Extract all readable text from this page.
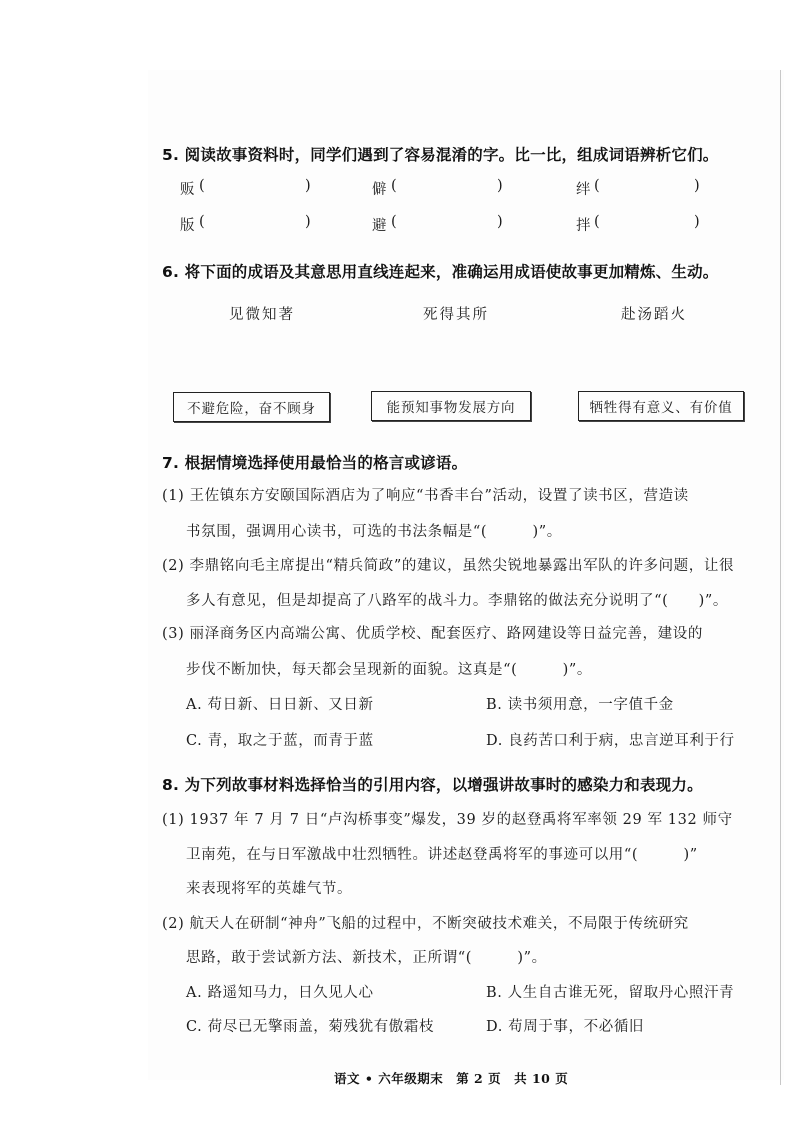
5. 阅读故事资料时，同学们遇到了容易混淆的字。比一比，组成词语辨析它们。
贩 (	)	僻 (	)	绊 (	)
版 (	)	避 (	)	拌 (	)
6. 将下面的成语及其意思用直线连起来，准确运用成语使故事更加精炼、生动。
见微知著	死得其所	赴汤蹈火
不避危险，奋不顾身	能预知事物发展方向	牺牲得有意义、有价值
7. 根据情境选择使用最恰当的格言或谚语。
(1) 王佐镇东方安颐国际酒店为了响应“书香丰台”活动，设置了读书区，营造读
书氛围，强调用心读书，可选的书法条幅是“(　　　)”。
(2) 李鼎铭向毛主席提出“精兵简政”的建议，虽然尖锐地暴露出军队的许多问题，让很
多人有意见，但是却提高了八路军的战斗力。李鼎铭的做法充分说明了“(　　)”。
(3) 丽泽商务区内高端公寓、优质学校、配套医疗、路网建设等日益完善，建设的
步伐不断加快，每天都会呈现新的面貌。这真是“(　　　)”。
A. 苟日新、日日新、又日新	B. 读书须用意，一字值千金
C. 青，取之于蓝，而青于蓝	D. 良药苦口利于病，忠言逆耳利于行
8. 为下列故事材料选择恰当的引用内容，以增强讲故事时的感染力和表现力。
(1) 1937 年 7 月 7 日“卢沟桥事变”爆发，39 岁的赵登禹将军率领 29 军 132 师守
卫南苑，在与日军激战中壮烈牺牲。讲述赵登禹将军的事迹可以用“(　　　)”
来表现将军的英雄气节。
(2) 航天人在研制“神舟”飞船的过程中，不断突破技术难关，不局限于传统研究
思路，敢于尝试新方法、新技术，正所谓“(　　　)”。
A. 路遥知马力，日久见人心	B. 人生自古谁无死，留取丹心照汗青
C. 荷尽已无擎雨盖，菊残犹有傲霜枝	D. 苟周于事，不必循旧
语文 • 六年级期末　第 2 页　共 10 页
